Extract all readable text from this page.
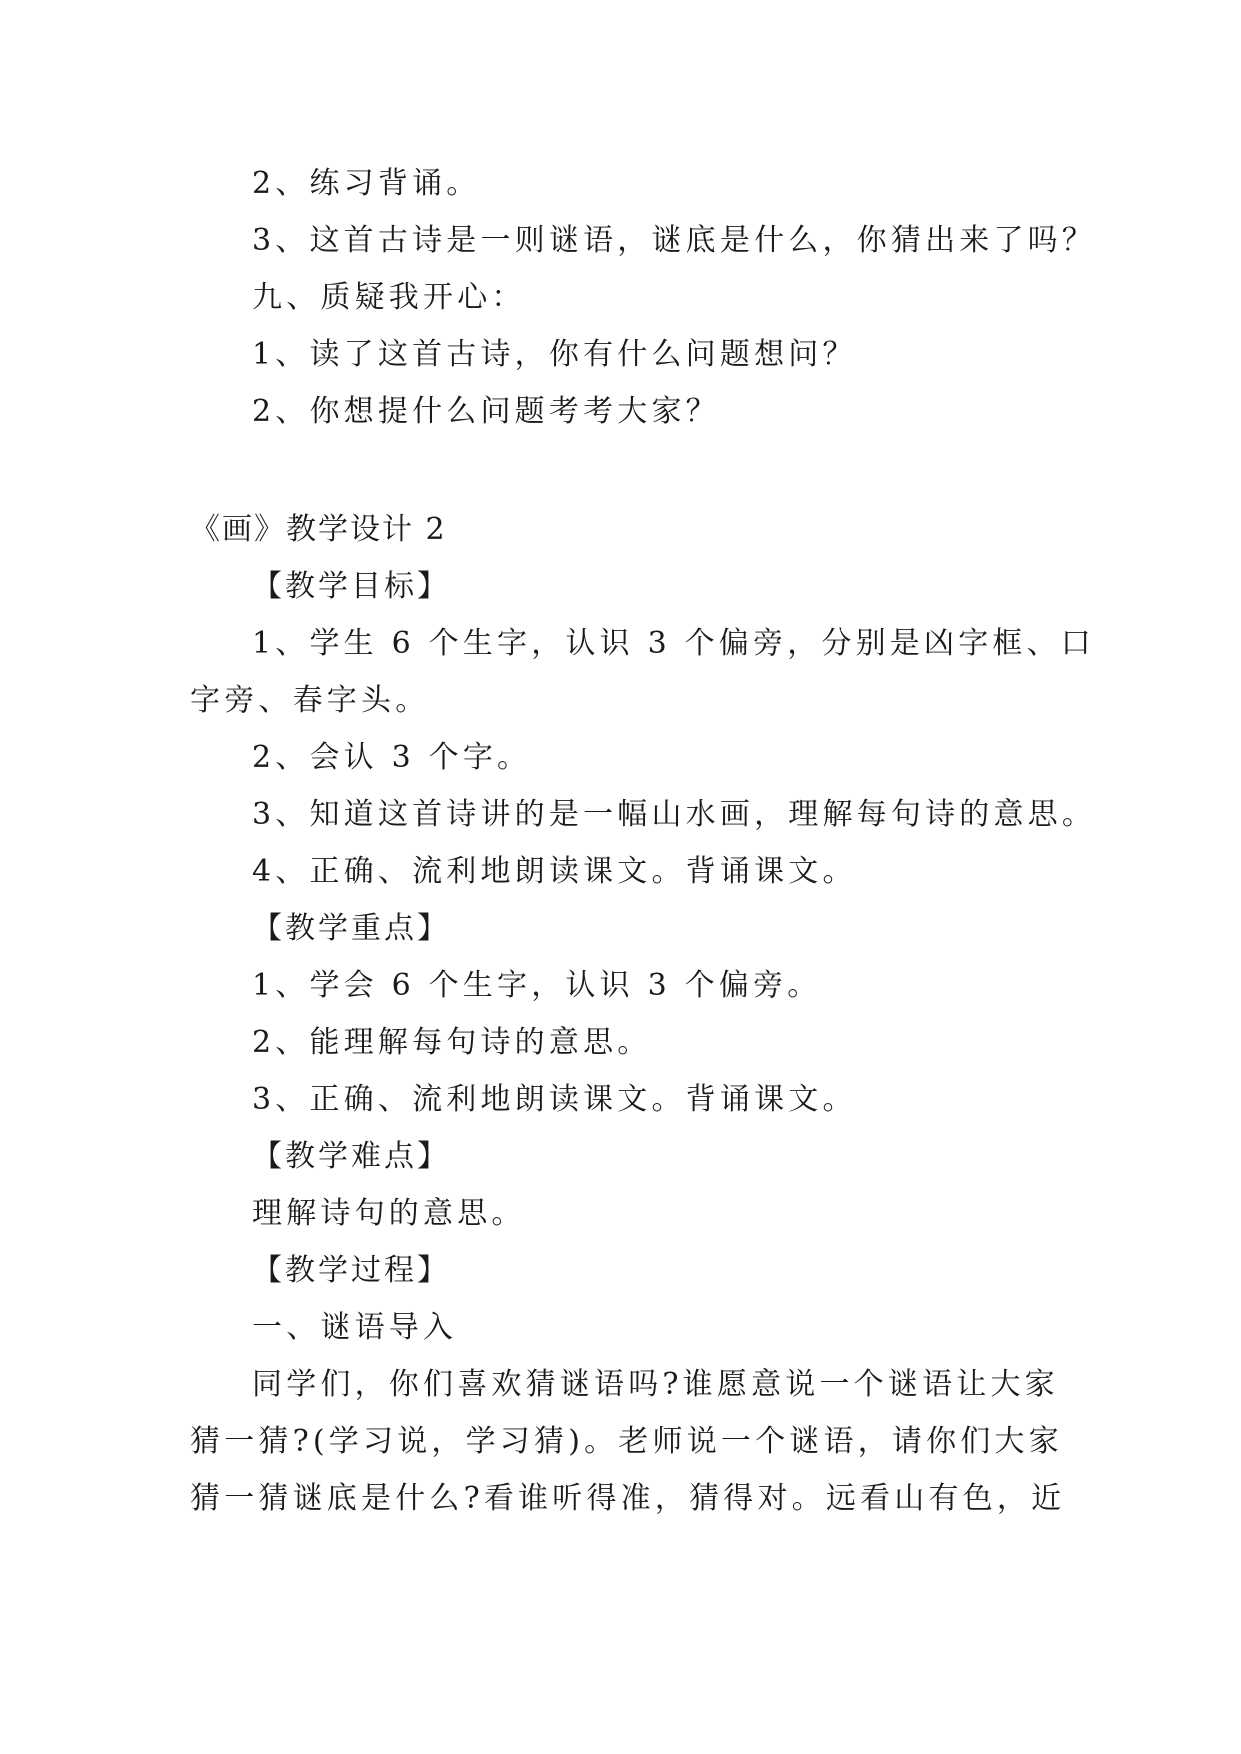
2、练习背诵。
3、这首古诗是一则谜语，谜底是什么，你猜出来了吗？
九、质疑我开心：
1、读了这首古诗，你有什么问题想问？
2、你想提什么问题考考大家？
《画》教学设计 2
【教学目标】
1、学生 6 个生字，认识 3 个偏旁，分别是凶字框、口
字旁、春字头。
2、会认 3 个字。
3、知道这首诗讲的是一幅山水画，理解每句诗的意思。
4、正确、流利地朗读课文。背诵课文。
【教学重点】
1、学会 6 个生字，认识 3 个偏旁。
2、能理解每句诗的意思。
3、正确、流利地朗读课文。背诵课文。
【教学难点】
理解诗句的意思。
【教学过程】
一、谜语导入
同学们，你们喜欢猜谜语吗?谁愿意说一个谜语让大家
猜一猜?(学习说，学习猜)。老师说一个谜语，请你们大家
猜一猜谜底是什么?看谁听得准，猜得对。远看山有色，近
